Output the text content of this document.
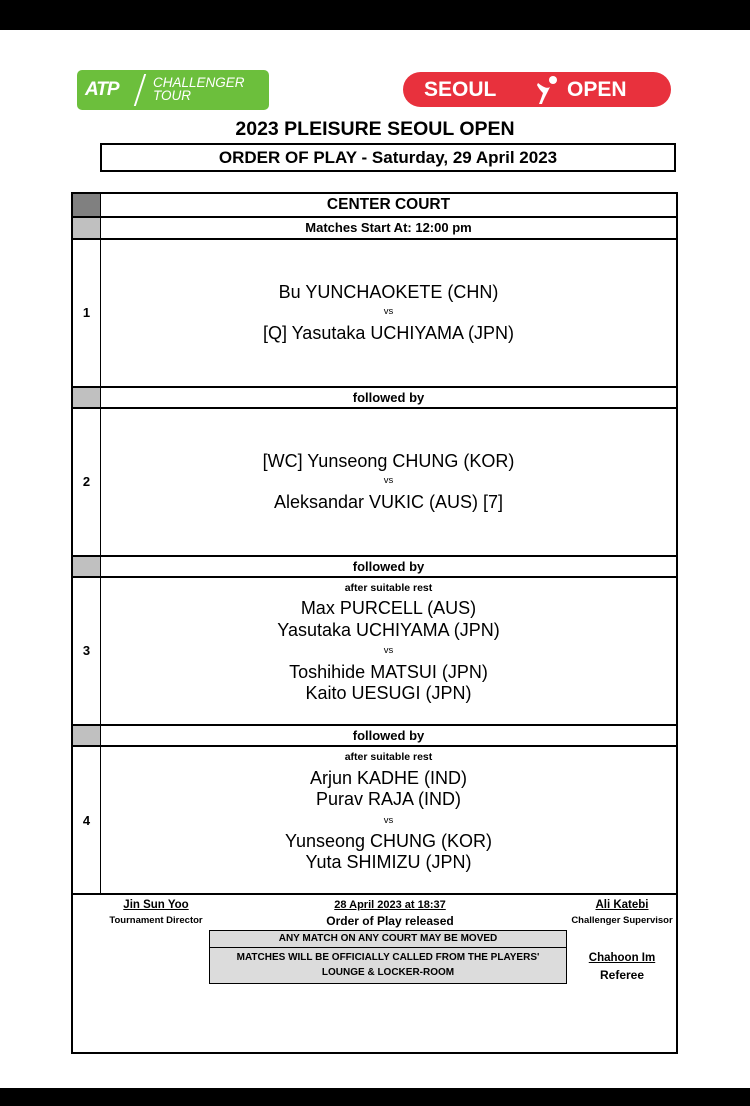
ATP	CHALLENGER
TOUR	SEOUL	OPEN
2023 PLEISURE SEOUL OPEN
ORDER OF PLAY - Saturday, 29 April 2023
CENTER COURT
Matches Start At: 12:00 pm
1
Bu YUNCHAOKETE (CHN)
vs
[Q] Yasutaka UCHIYAMA (JPN)
followed by
2
[WC] Yunseong CHUNG (KOR)
vs
Aleksandar VUKIC (AUS) [7]
followed by
after suitable rest
3
Max PURCELL (AUS)
Yasutaka UCHIYAMA (JPN)
vs
Toshihide MATSUI (JPN)
Kaito UESUGI (JPN)
followed by
after suitable rest
4
Arjun KADHE (IND)
Purav RAJA (IND)
vs
Yunseong CHUNG (KOR)
Yuta SHIMIZU (JPN)
Jin Sun Yoo
Tournament Director
28 April 2023 at 18:37
Order of Play released
Ali Katebi
Challenger Supervisor
ANY MATCH ON ANY COURT MAY BE MOVED
MATCHES WILL BE OFFICIALLY CALLED FROM THE PLAYERS'
LOUNGE & LOCKER-ROOM
Chahoon Im
Referee
